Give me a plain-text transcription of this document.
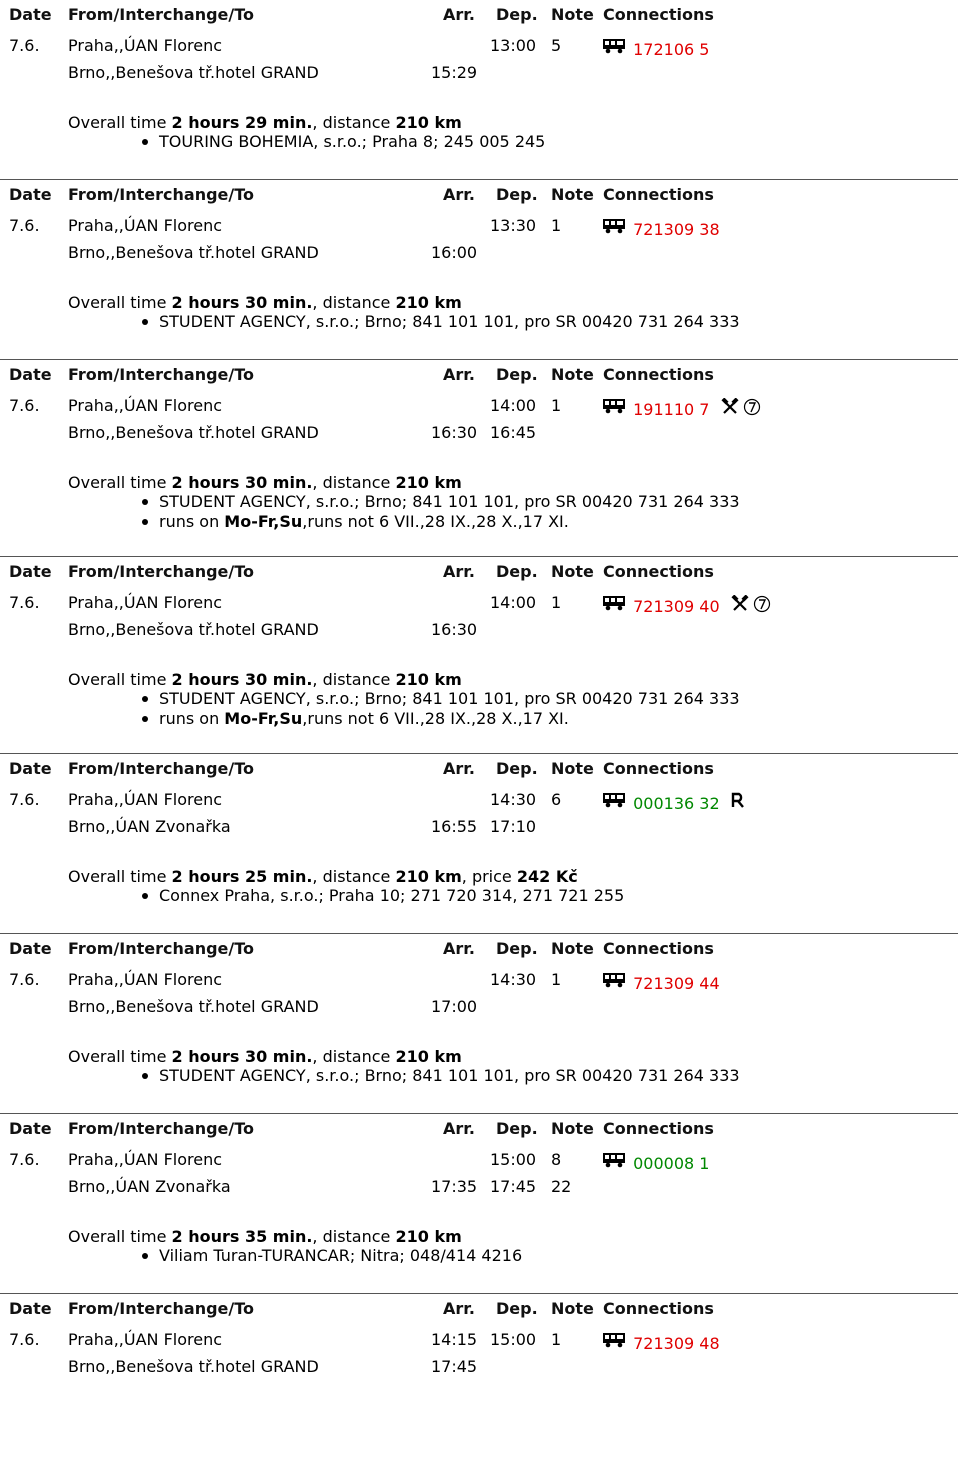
Date From/Interchange/To	Arr. Dep. Note Connections
7.6. Praha,,ÚAN Florenc	13:00 5	172106 5
Brno,,Benešova tř.hotel GRAND	15:29
Overall time 2 hours 29 min., distance 210 km
TOURING BOHEMIA, s.r.o.; Praha 8; 245 005 245
Date From/Interchange/To	Arr. Dep. Note Connections
7.6. Praha,,ÚAN Florenc	13:30 1	721309 38
Brno,,Benešova tř.hotel GRAND	16:00
Overall time 2 hours 30 min., distance 210 km
STUDENT AGENCY, s.r.o.; Brno; 841 101 101, pro SR 00420 731 264 333
Date From/Interchange/To	Arr. Dep. Note Connections
7.6. Praha,,ÚAN Florenc	14:00 1	191110 7
Brno,,Benešova tř.hotel GRAND	16:30 16:45
Overall time 2 hours 30 min., distance 210 km
STUDENT AGENCY, s.r.o.; Brno; 841 101 101, pro SR 00420 731 264 333
runs on Mo-Fr,Su,runs not 6 VII.,28 IX.,28 X.,17 XI.
Date From/Interchange/To	Arr. Dep. Note Connections
7.6. Praha,,ÚAN Florenc	14:00 1	721309 40
Brno,,Benešova tř.hotel GRAND	16:30
Overall time 2 hours 30 min., distance 210 km
STUDENT AGENCY, s.r.o.; Brno; 841 101 101, pro SR 00420 731 264 333
runs on Mo-Fr,Su,runs not 6 VII.,28 IX.,28 X.,17 XI.
Date From/Interchange/To	Arr. Dep. Note Connections
7.6. Praha,,ÚAN Florenc	14:30 6	000136 32
Brno,,ÚAN Zvonařka	16:55 17:10
Overall time 2 hours 25 min., distance 210 km, price 242 Kč
Connex Praha, s.r.o.; Praha 10; 271 720 314, 271 721 255
Date From/Interchange/To	Arr. Dep. Note Connections
7.6. Praha,,ÚAN Florenc	14:30 1	721309 44
Brno,,Benešova tř.hotel GRAND	17:00
Overall time 2 hours 30 min., distance 210 km
STUDENT AGENCY, s.r.o.; Brno; 841 101 101, pro SR 00420 731 264 333
Date From/Interchange/To	Arr. Dep. Note Connections
7.6. Praha,,ÚAN Florenc	15:00 8	000008 1
Brno,,ÚAN Zvonařka	17:35 17:45 22
Overall time 2 hours 35 min., distance 210 km
Viliam Turan-TURANCAR; Nitra; 048/414 4216
Date From/Interchange/To	Arr. Dep. Note Connections
7.6. Praha,,ÚAN Florenc	14:15 15:00 1	721309 48
Brno,,Benešova tř.hotel GRAND	17:45
